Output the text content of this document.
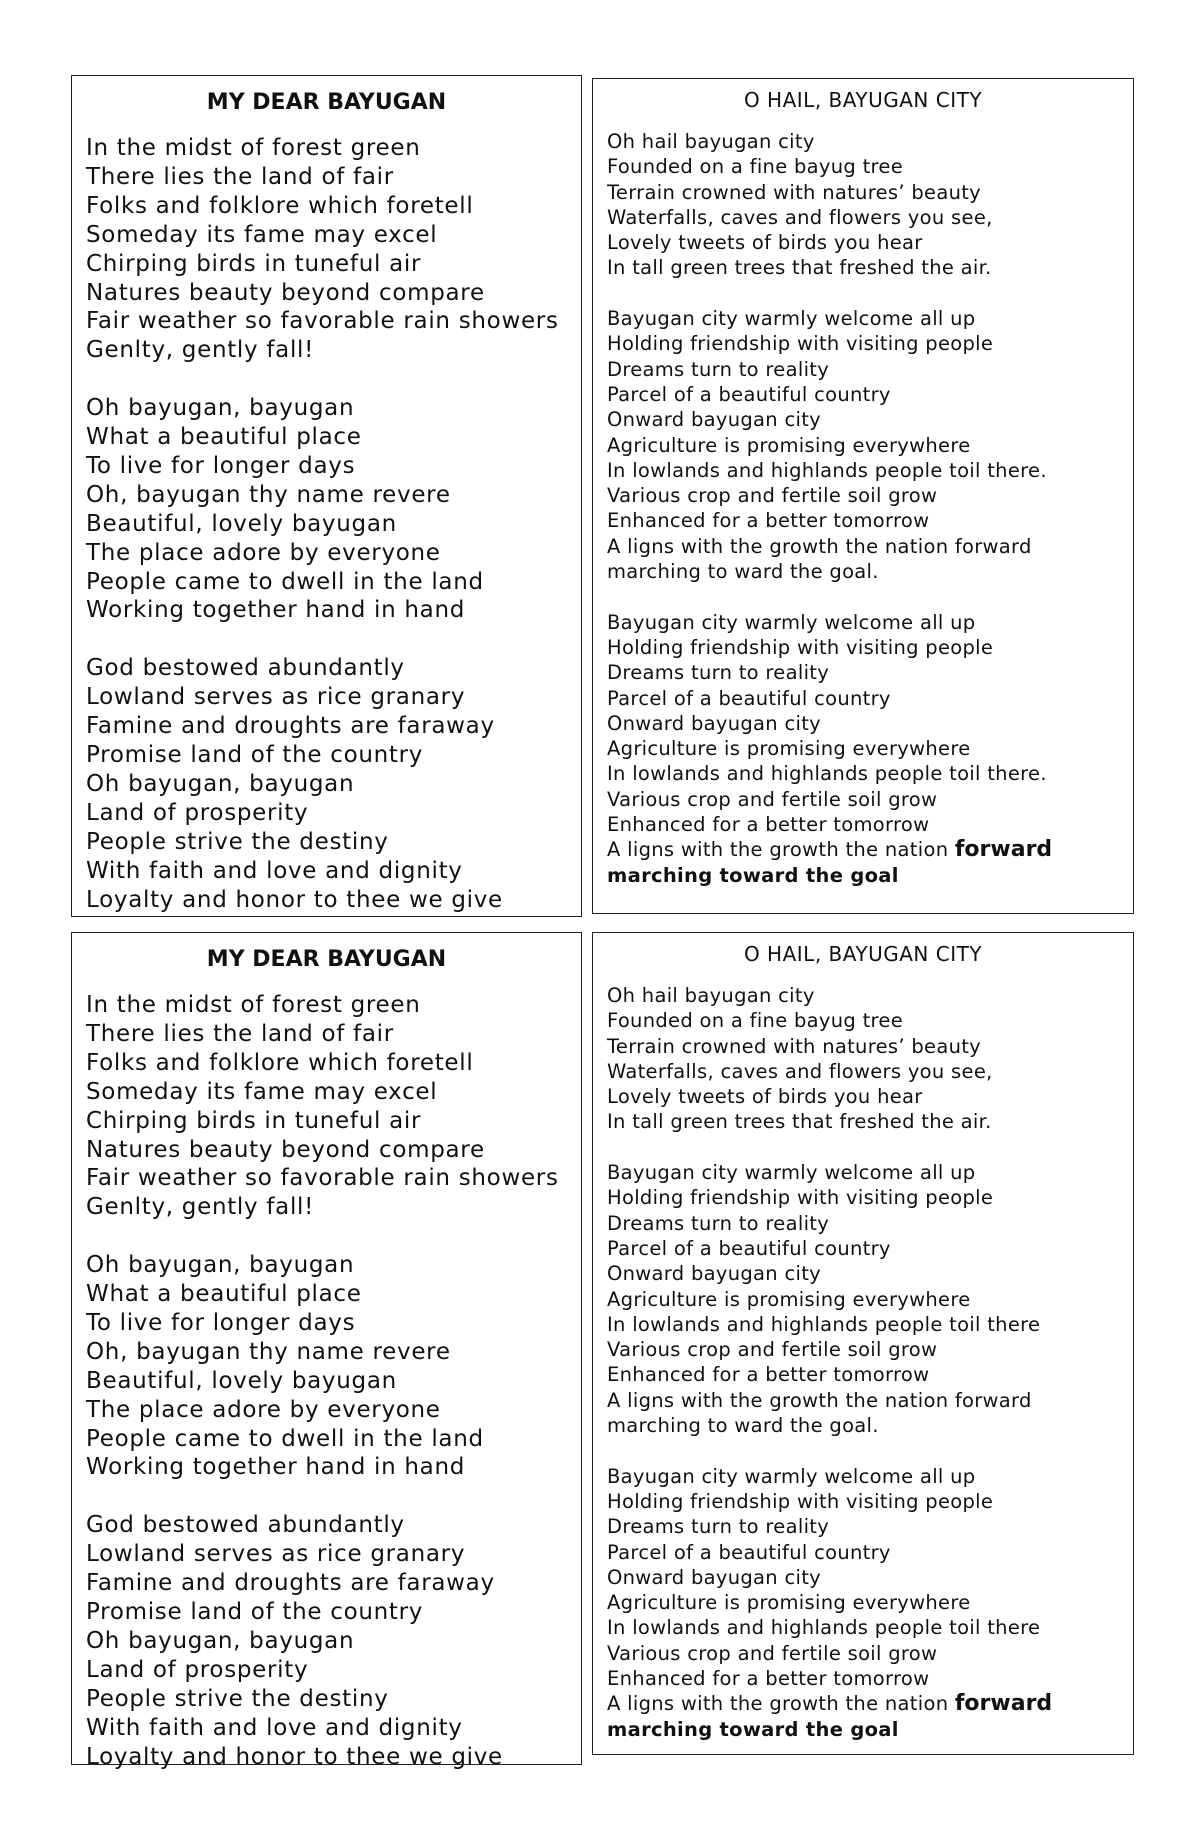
MY DEAR BAYUGAN
In the midst of forest green
There lies the land of fair
Folks and folklore which foretell
Someday its fame may excel
Chirping birds in tuneful air
Natures beauty beyond compare
Fair weather so favorable rain showers
Genlty, gently fall!
Oh bayugan, bayugan
What a beautiful place
To live for longer days
Oh, bayugan thy name revere
Beautiful, lovely bayugan
The place adore by everyone
People came to dwell in the land
Working together hand in hand
God bestowed abundantly
Lowland serves as rice granary
Famine and droughts are faraway
Promise land of the country
Oh bayugan, bayugan
Land of prosperity
People strive the destiny
With faith and love and dignity
Loyalty and honor to thee we give
O HAIL, BAYUGAN CITY
Oh hail bayugan city
Founded on a fine bayug tree
Terrain crowned with natures’ beauty
Waterfalls, caves and flowers you see,
Lovely tweets of birds you hear
In tall green trees that freshed the air.
Bayugan city warmly welcome all up
Holding friendship with visiting people
Dreams turn to reality
Parcel of a beautiful country
Onward bayugan city
Agriculture is promising everywhere
In lowlands and highlands people toil there.
Various crop and fertile soil grow
Enhanced for a better tomorrow
A ligns with the growth the nation forward
marching to ward the goal.
Bayugan city warmly welcome all up
Holding friendship with visiting people
Dreams turn to reality
Parcel of a beautiful country
Onward bayugan city
Agriculture is promising everywhere
In lowlands and highlands people toil there.
Various crop and fertile soil grow
Enhanced for a better tomorrow
A ligns with the growth the nation forward
marching toward the goal
MY DEAR BAYUGAN
In the midst of forest green
There lies the land of fair
Folks and folklore which foretell
Someday its fame may excel
Chirping birds in tuneful air
Natures beauty beyond compare
Fair weather so favorable rain showers
Genlty, gently fall!
Oh bayugan, bayugan
What a beautiful place
To live for longer days
Oh, bayugan thy name revere
Beautiful, lovely bayugan
The place adore by everyone
People came to dwell in the land
Working together hand in hand
God bestowed abundantly
Lowland serves as rice granary
Famine and droughts are faraway
Promise land of the country
Oh bayugan, bayugan
Land of prosperity
People strive the destiny
With faith and love and dignity
Loyalty and honor to thee we give
O HAIL, BAYUGAN CITY
Oh hail bayugan city
Founded on a fine bayug tree
Terrain crowned with natures’ beauty
Waterfalls, caves and flowers you see,
Lovely tweets of birds you hear
In tall green trees that freshed the air.
Bayugan city warmly welcome all up
Holding friendship with visiting people
Dreams turn to reality
Parcel of a beautiful country
Onward bayugan city
Agriculture is promising everywhere
In lowlands and highlands people toil there
Various crop and fertile soil grow
Enhanced for a better tomorrow
A ligns with the growth the nation forward
marching to ward the goal.
Bayugan city warmly welcome all up
Holding friendship with visiting people
Dreams turn to reality
Parcel of a beautiful country
Onward bayugan city
Agriculture is promising everywhere
In lowlands and highlands people toil there
Various crop and fertile soil grow
Enhanced for a better tomorrow
A ligns with the growth the nation forward
marching toward the goal
